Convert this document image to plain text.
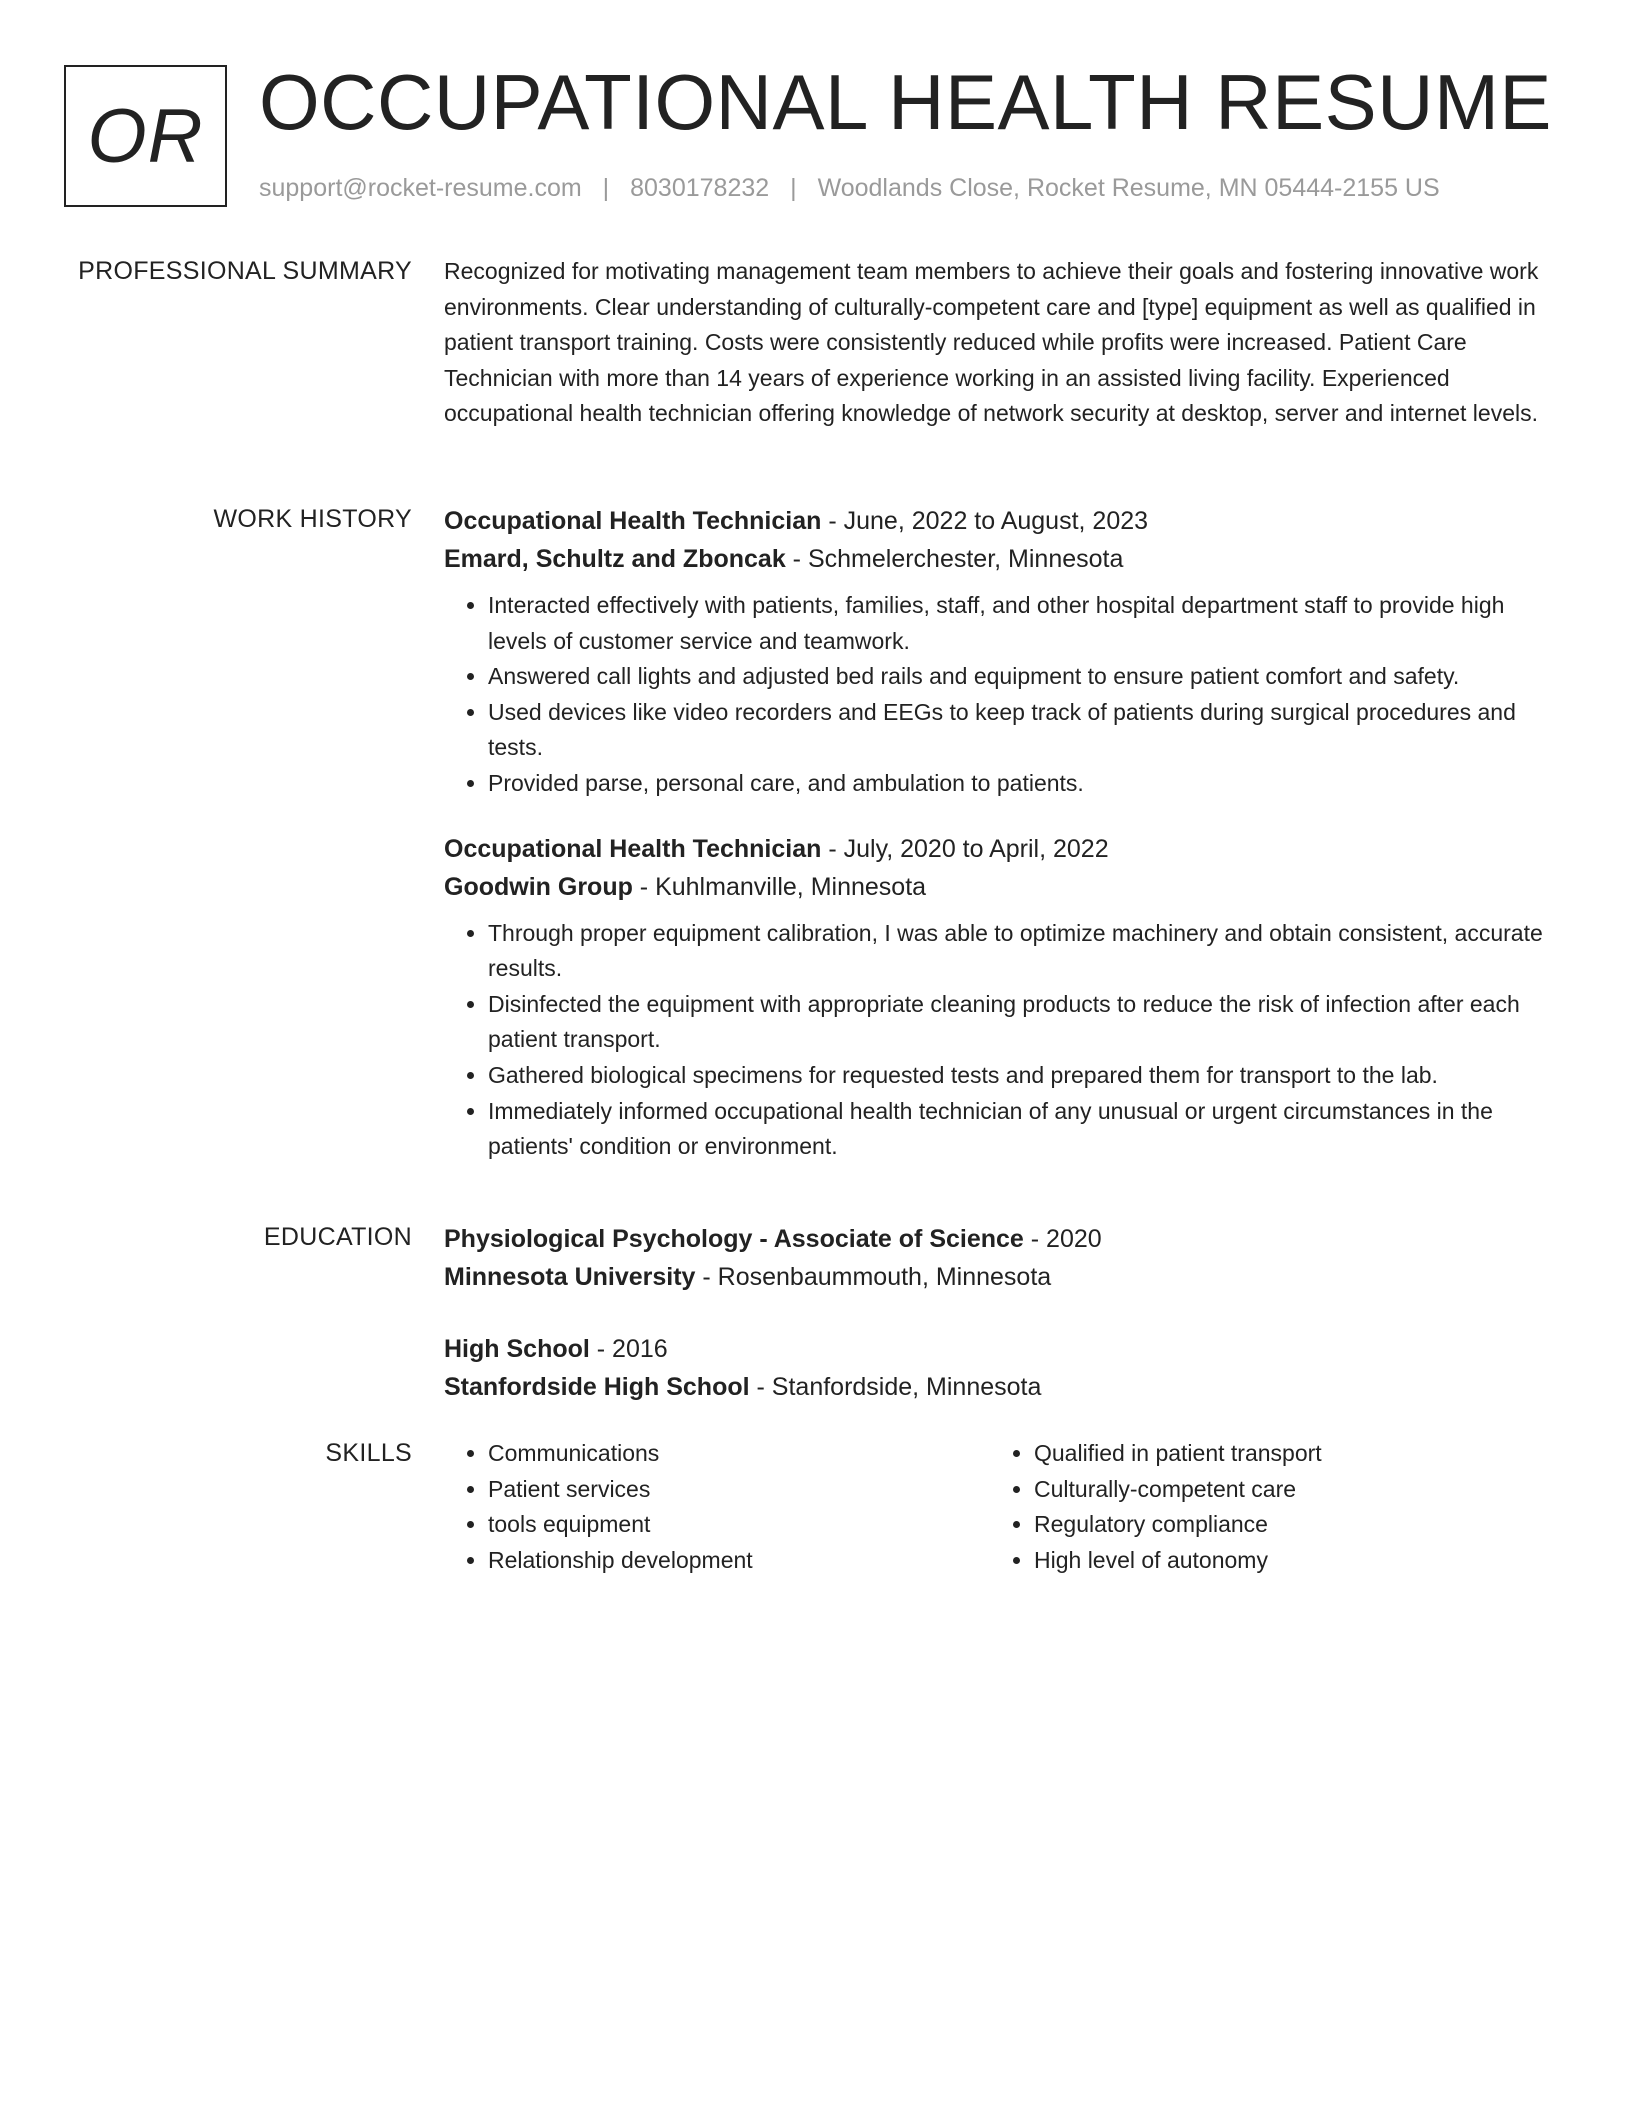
OR OCCUPATIONAL HEALTH RESUME
support@rocket-resume.com | 8030178232 | Woodlands Close, Rocket Resume, MN 05444-2155 US
PROFESSIONAL SUMMARY Recognized for motivating management team members to achieve their goals and fostering innovative work environments. Clear understanding of culturally-competent care and [type] equipment as well as qualified in patient transport training. Costs were consistently reduced while profits were increased. Patient Care Technician with more than 14 years of experience working in an assisted living facility. Experienced occupational health technician offering knowledge of network security at desktop, server and internet levels.

WORK HISTORY Occupational Health Technician - June, 2022 to August, 2023
Emard, Schultz and Zboncak - Schmelerchester, Minnesota
• Interacted effectively with patients, families, staff, and other hospital department staff to provide high levels of customer service and teamwork.
• Answered call lights and adjusted bed rails and equipment to ensure patient comfort and safety.
• Used devices like video recorders and EEGs to keep track of patients during surgical procedures and tests.
• Provided parse, personal care, and ambulation to patients.
Occupational Health Technician - July, 2020 to April, 2022
Goodwin Group - Kuhlmanville, Minnesota
• Through proper equipment calibration, I was able to optimize machinery and obtain consistent, accurate results.
• Disinfected the equipment with appropriate cleaning products to reduce the risk of infection after each patient transport.
• Gathered biological specimens for requested tests and prepared them for transport to the lab.
• Immediately informed occupational health technician of any unusual or urgent circumstances in the patients' condition or environment.
EDUCATION Physiological Psychology - Associate of Science - 2020
Minnesota University - Rosenbaummouth, Minnesota
High School - 2016
Stanfordside High School - Stanfordside, Minnesota
SKILLS
•	Communications
• Patient services
• tools equipment
• Relationship development
• Qualified in patient transport
• Culturally-competent care
• Regulatory compliance
• High level of autonomy
